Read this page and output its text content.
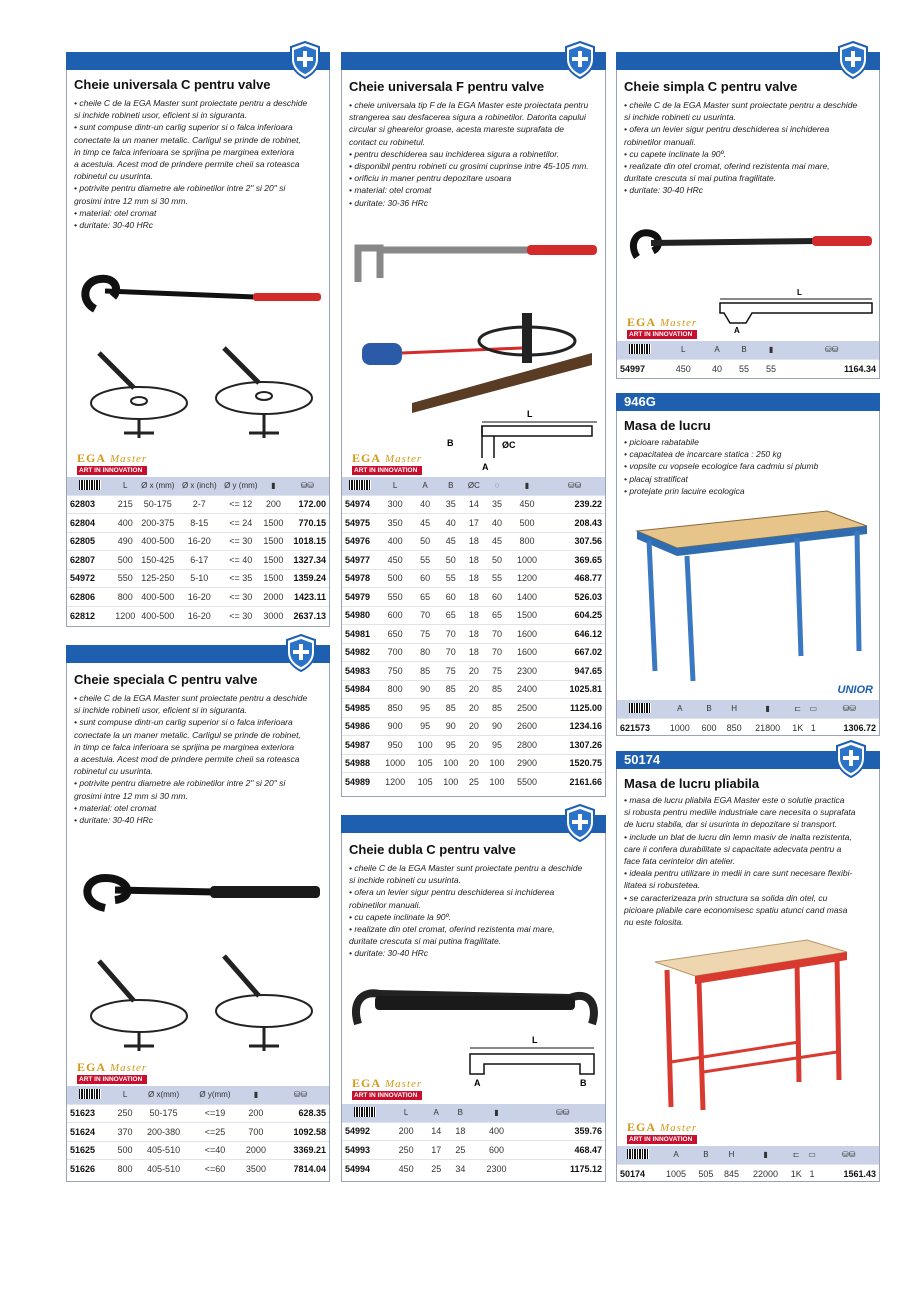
Cheie universala C pentru valve
• cheile C de la EGA Master sunt proiectate pentru a deschide
si inchide robineti usor, eficient si in siguranta.
• sunt compuse dintr-un carlig superior si o falca inferioara
conectate la un maner metalic. Carligul se prinde de robinet,
in timp ce falca inferioara se sprijina pe marginea exteriora
a acestuia. Acest mod de prindere permite cheii sa roteasca
robinetul cu usurinta.
• potrivite pentru diametre ale robinetilor intre 2" si 20" si
grosimi intre 12 mm si 30 mm.
• material: otel cromat
• duritate: 30-40 HRc
EGA Master
ART IN INNOVATION
	L	Ø x (mm)	Ø x (inch)	Ø y (mm)	▮	⛁⛁
62803	215	50-175	2-7	<= 12	200	172.00
62804	400	200-375	8-15	<= 24	1500	770.15
62805	490	400-500	16-20	<= 30	1500	1018.15
62807	500	150-425	6-17	<= 40	1500	1327.34
54972	550	125-250	5-10	<= 35	1500	1359.24
62806	800	400-500	16-20	<= 30	2000	1423.11
62812	1200	400-500	16-20	<= 30	3000	2637.13
Cheie speciala C pentru valve
• cheile C de la EGA Master sunt proiectate pentru a deschide
si inchide robineti usor, eficient si in siguranta.
• sunt compuse dintr-un carlig superior si o falca inferioara
conectate la un maner metalic. Carligul se prinde de robinet,
in timp ce falca inferioara se sprijina pe marginea exteriora
a acestuia. Acest mod de prindere permite cheii sa roteasca
robinetul cu usurinta.
• potrivite pentru diametre ale robinetilor intre 2" si 20" si
grosimi intre 12 mm si 30 mm.
• material: otel cromat
• duritate: 30-40 HRc
EGA Master
ART IN INNOVATION
	L	Ø x(mm)	Ø y(mm)	▮	⛁⛁
51623	250	50-175	<=19	200	628.35
51624	370	200-380	<=25	700	1092.58
51625	500	405-510	<=40	2000	3369.21
51626	800	405-510	<=60	3500	7814.04
Cheie universala F pentru valve
• cheie universala tip F de la EGA Master este proiectata pentru
strangerea sau desfacerea sigura a robinetilor. Datorita capului
circular si ghearelor groase, acesta mareste suprafata de
contact cu robinetul.
• pentru deschiderea sau inchiderea sigura a robinetilor.
• disponibil pentru robineti cu grosimi cuprinse intre 45-105 mm.
• orificiu in maner pentru depozitare usoara
• material: otel cromat
• duritate: 30-36 HRc
L
B
A
ØC
EGA Master
ART IN INNOVATION
	L	A	B	ØC	◌	▮	⛁⛁
54974	300	40	35	14	35	450	239.22
54975	350	45	40	17	40	500	208.43
54976	400	50	45	18	45	800	307.56
54977	450	55	50	18	50	1000	369.65
54978	500	60	55	18	55	1200	468.77
54979	550	65	60	18	60	1400	526.03
54980	600	70	65	18	65	1500	604.25
54981	650	75	70	18	70	1600	646.12
54982	700	80	70	18	70	1600	667.02
54983	750	85	75	20	75	2300	947.65
54984	800	90	85	20	85	2400	1025.81
54985	850	95	85	20	85	2500	1125.00
54986	900	95	90	20	90	2600	1234.16
54987	950	100	95	20	95	2800	1307.26
54988	1000	105	100	20	100	2900	1520.75
54989	1200	105	100	25	100	5500	2161.66
Cheie dubla C pentru valve
• cheile C de la EGA Master sunt proiectate pentru a deschide
si inchide robineti cu usurinta.
• ofera un levier sigur pentru deschiderea si inchiderea
robinetilor manuali.
• cu capete inclinate la 90º.
• realizate din otel cromat, oferind rezistenta mai mare,
duritate crescuta si mai putina fragilitate.
• duritate: 30-40 HRc
L
A	B
EGA Master
ART IN INNOVATION
	L	A	B	▮	⛁⛁
54992	200	14	18	400	359.76
54993	250	17	25	600	468.47
54994	450	25	34	2300	1175.12
Cheie simpla C pentru valve
• cheile C de la EGA Master sunt proiectate pentru a deschide
si inchide robineti cu usurinta.
• ofera un levier sigur pentru deschiderea si inchiderea
robinetilor manuali.
• cu capete inclinate la 90º.
• realizate din otel cromat, oferind rezistenta mai mare,
duritate crescuta si mai putina fragilitate.
• duritate: 30-40 HRc
L
A
EGA Master
ART IN INNOVATION
	L	A	B	▮	⛁⛁
54997	450	40	55	55	1164.34
946G
Masa de lucru
• picioare rabatabile
• capacitatea de incarcare statica : 250 kg
• vopsite cu vopsele ecologice fara cadmiu si plumb
• placaj stratificat
• protejate prin lacuire ecologica
UNIOR
	A	B	H	▮	⊏	▭	⛁⛁
621573	1000	600	850	21800	1K	1	1306.72
50174
Masa de lucru pliabila
• masa de lucru pliabila EGA Master este o solutie practica
si robusta pentru mediile industriale care necesita o suprafata
de lucru stabila, dar si usurinta in depozitare si transport.
• include un blat de lucru din lemn masiv de inalta rezistenta,
care ii confera durabilitate si capacitate adecvata pentru a
face fata cerintelor din atelier.
• ideala pentru utilizare in medii in care sunt necesare flexibi-
litatea si robustetea.
• se caracterizeaza prin structura sa solida din otel, cu
picioare pliabile care economisesc spatiu atunci cand masa
nu este folosita.
EGA Master
ART IN INNOVATION
	A	B	H	▮	⊏	▭	⛁⛁
50174	1005	505	845	22000	1K	1	1561.43
